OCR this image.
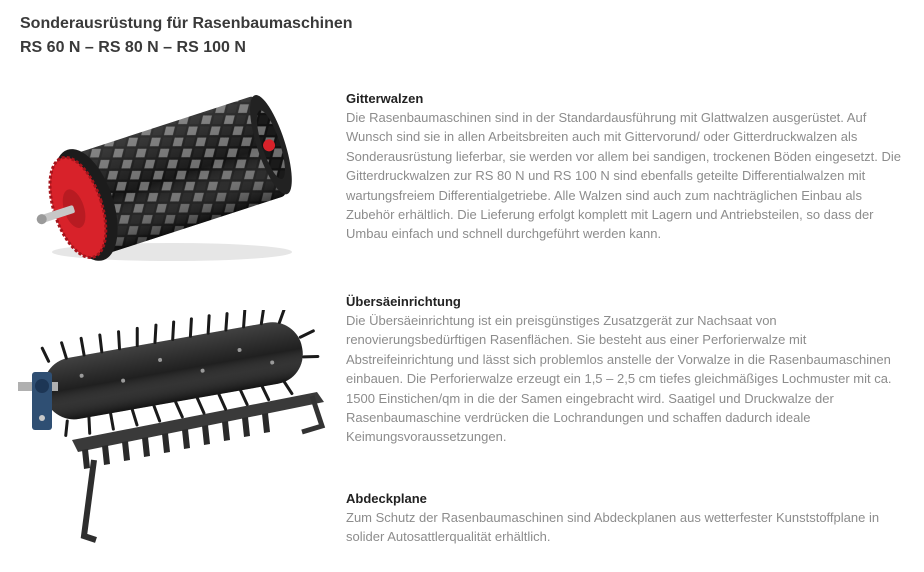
Sonderausrüstung für Rasenbaumaschinen
RS 60 N – RS 80 N – RS 100 N
Gitterwalzen

Die Rasenbaumaschinen sind in der Standardausführung mit Glattwalzen ausgerüstet. Auf Wunsch sind sie in allen Arbeitsbreiten auch mit Gittervorund/ oder Gitterdruckwalzen als Sonderausrüstung lieferbar, sie werden vor allem bei sandigen, trockenen Böden eingesetzt. Die Gitterdruckwalzen zur RS 80 N und RS 100 N sind ebenfalls geteilte Differentialwalzen mit wartungsfreiem Differentialgetriebe. Alle Walzen sind auch zum nachträglichen Einbau als Zubehör erhältlich. Die Lieferung erfolgt komplett mit Lagern und Antriebsteilen, so dass der Umbau einfach und schnell durchgeführt werden kann.

Übersäeinrichtung

Die Übersäeinrichtung ist ein preisgünstiges Zusatzgerät zur Nachsaat von renovierungsbedürftigen Rasenflächen. Sie besteht aus einer Perforierwalze mit Abstreifeinrichtung und lässt sich problemlos anstelle der Vorwalze in die Rasenbaumaschinen einbauen. Die Perforierwalze erzeugt ein 1,5 – 2,5 cm tiefes gleichmäßiges Lochmuster mit ca. 1500 Einstichen/qm in die der Samen eingebracht wird. Saatigel und Druckwalze der Rasenbaumaschine verdrücken die Lochrandungen und schaffen dadurch ideale Keimungsvoraussetzungen.

Abdeckplane

Zum Schutz der Rasenbaumaschinen sind Abdeckplanen aus wetterfester Kunststoffplane in solider Autosattlerqualität erhältlich.
